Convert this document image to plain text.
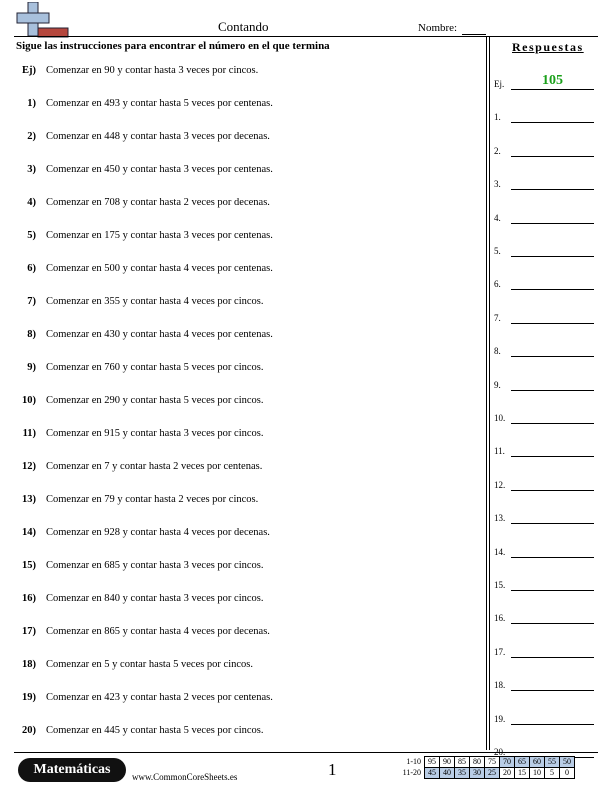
Contando	Nombre:
Sigue las instrucciones para encontrar el número en el que termina
Ej) Comenzar en 90 y contar hasta 3 veces por cincos.
1) Comenzar en 493 y contar hasta 5 veces por centenas.
2) Comenzar en 448 y contar hasta 3 veces por decenas.
3) Comenzar en 450 y contar hasta 3 veces por centenas.
4) Comenzar en 708 y contar hasta 2 veces por decenas.
5) Comenzar en 175 y contar hasta 3 veces por centenas.
6) Comenzar en 500 y contar hasta 4 veces por centenas.
7) Comenzar en 355 y contar hasta 4 veces por cincos.
8) Comenzar en 430 y contar hasta 4 veces por centenas.
9) Comenzar en 760 y contar hasta 5 veces por cincos.
10) Comenzar en 290 y contar hasta 5 veces por cincos.
11) Comenzar en 915 y contar hasta 3 veces por cincos.
12) Comenzar en 7 y contar hasta 2 veces por centenas.
13) Comenzar en 79 y contar hasta 2 veces por cincos.
14) Comenzar en 928 y contar hasta 4 veces por decenas.
15) Comenzar en 685 y contar hasta 3 veces por cincos.
16) Comenzar en 840 y contar hasta 3 veces por cincos.
17) Comenzar en 865 y contar hasta 4 veces por decenas.
18) Comenzar en 5 y contar hasta 5 veces por cincos.
19) Comenzar en 423 y contar hasta 2 veces por centenas.
20) Comenzar en 445 y contar hasta 5 veces por cincos.
Respuestas
Ej.	105
1.
2.
3.
4.
5.
6.
7.
8.
9.
10.
11.
12.
13.
14.
15.
16.
17.
18.
19.
20.
Matemáticas	www.CommonCoreSheets.es	1	1-10	95	90	85	80	75	70	65	60	55	50
11-20	45	40	35	30	25	20	15	10	5	0
